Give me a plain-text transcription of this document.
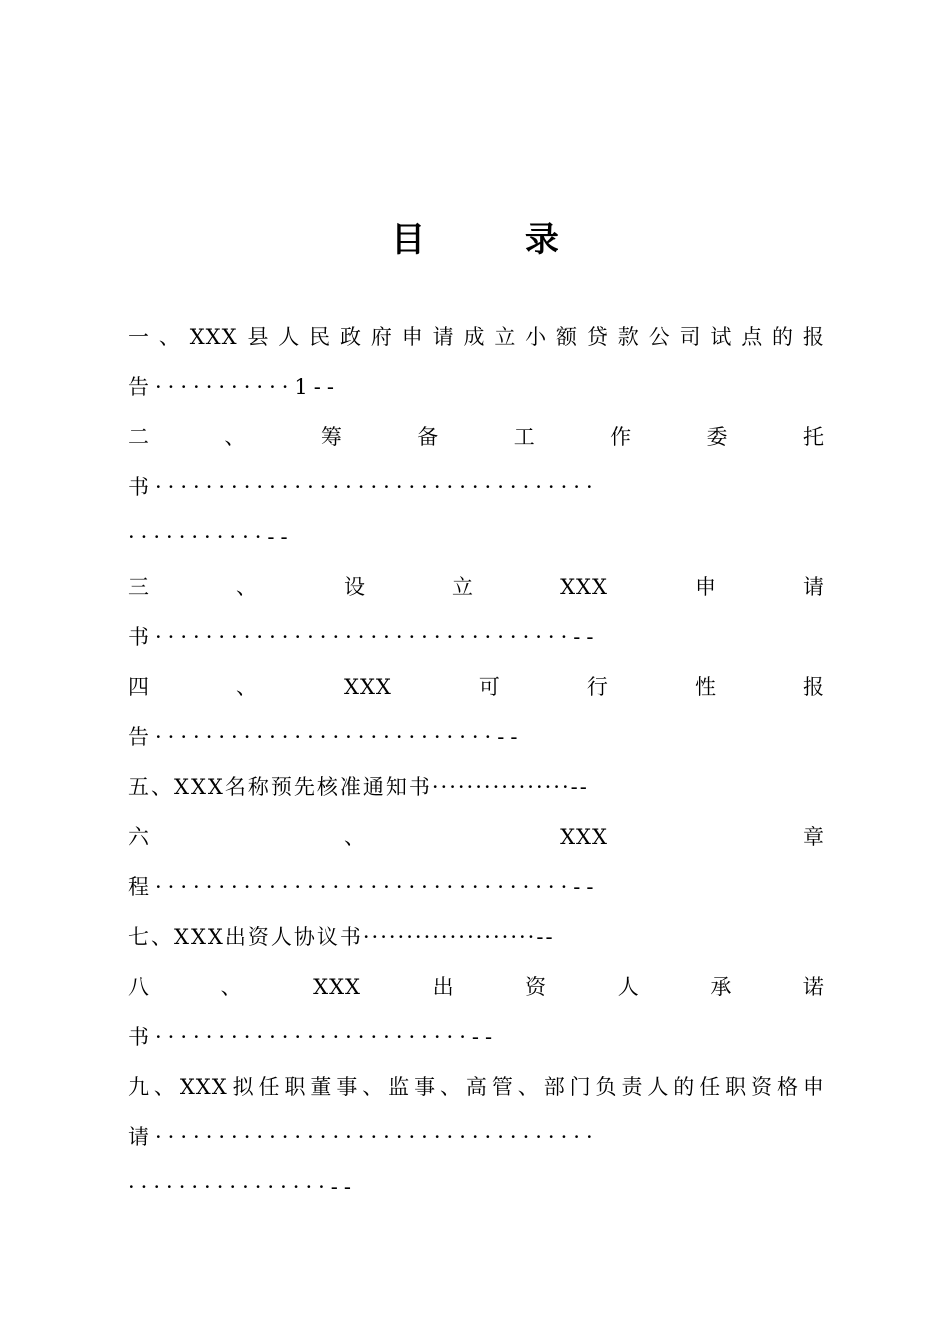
目 录
一 、 XXX 县 人 民 政 府 申 请 成 立 小 额 贷 款 公 司 试 点 的 报
告···········1--
二	、	筹	备	工	作	委	托
书···································
···········--
三	、	设	立	XXX	申	请
书·································--
四	、	XXX	可	行	性	报
告···························--
五、XXX名称预先核准通知书················--
六	、	XXX	章
程·································--
七、XXX出资人协议书····················--
八	、	XXX	出	资	人	承	诺
书·························--
九 、 XXX 拟 任 职 董 事 、 监 事 、 高 管 、 部 门 负 责 人 的 任 职 资 格 申
请···································
················--
